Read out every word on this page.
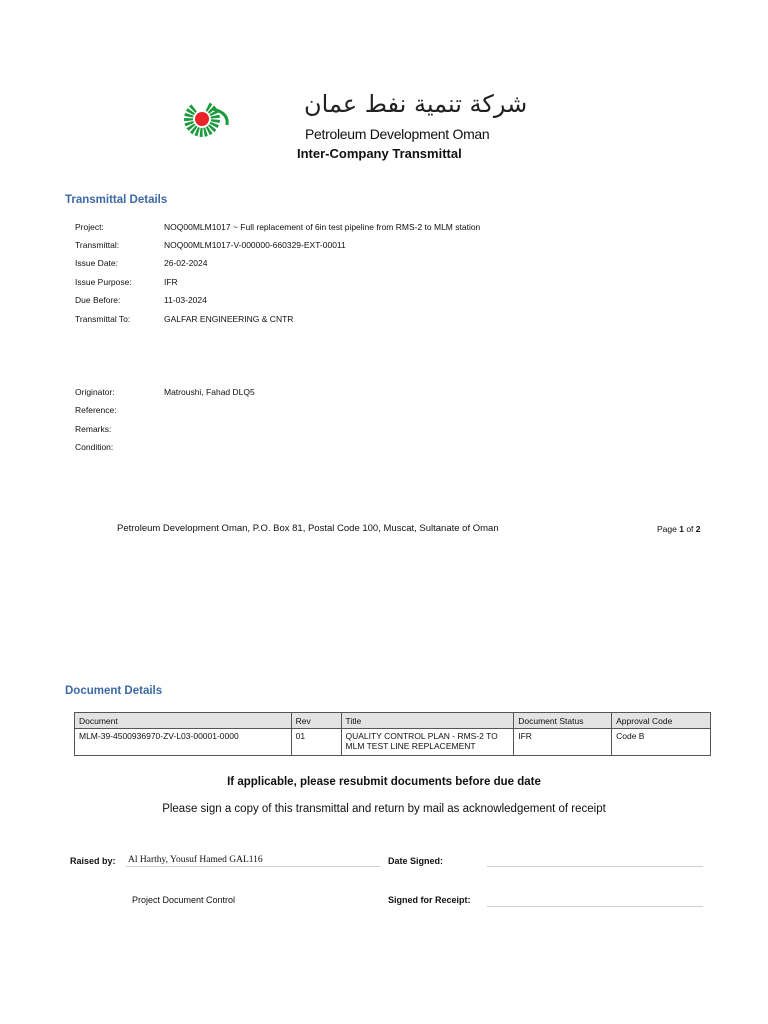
شركة تنمية نفط عمان
Petroleum Development Oman
Inter-Company Transmittal
Transmittal Details
Project:	NOQ00MLM1017 ~ Full replacement of 6in test pipeline from RMS-2 to MLM station
Transmittal:	NOQ00MLM1017-V-000000-660329-EXT-00011
Issue Date:	26-02-2024
Issue Purpose:	IFR
Due Before:	11-03-2024
Transmittal To:	GALFAR ENGINEERING & CNTR
Originator:	Matroushi, Fahad DLQ5
Reference:
Remarks:
Condition:
Petroleum Development Oman, P.O. Box 81, Postal Code 100, Muscat, Sultanate of Oman	Page 1 of 2
Document Details
Document	Rev	Title	Document Status	Approval Code
MLM-39-4500936970-ZV-L03-00001-0000	01	QUALITY CONTROL PLAN - RMS-2 TO MLM TEST LINE REPLACEMENT	IFR	Code B
If applicable, please resubmit documents before due date
Please sign a copy of this transmittal and return by mail as acknowledgement of receipt
Raised by: Al Harthy, Yousuf Hamed GAL116	Date Signed:
Project Document Control	Signed for Receipt:
